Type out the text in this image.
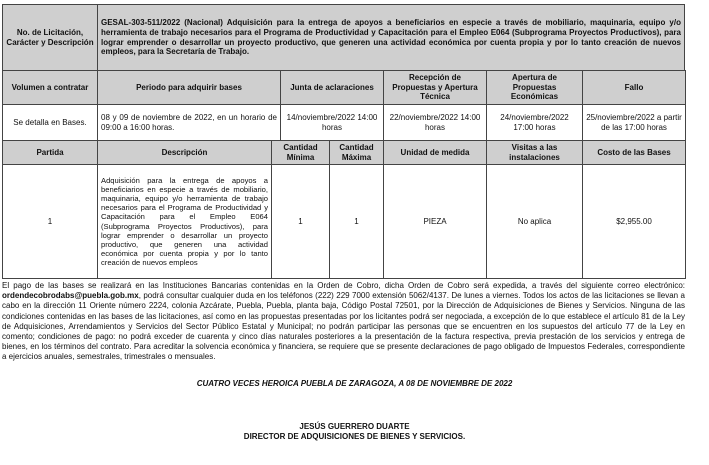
No. de Licitación, Carácter y Descripción	GESAL-303-511/2022 (Nacional) Adquisición para la entrega de apoyos a beneficiarios en especie a través de mobiliario, maquinaria, equipo y/o herramienta de trabajo necesarios para el Programa de Productividad y Capacitación para el Empleo E064 (Subprograma Proyectos Productivos), para lograr emprender o desarrollar un proyecto productivo, que generen una actividad económica por cuenta propia y por lo tanto creación de nuevos empleos, para la Secretaría de Trabajo.
Volumen a contratar	Periodo para adquirir bases	Junta de aclaraciones	Recepción de Propuestas y Apertura Técnica	Apertura de Propuestas Económicas	Fallo
Se detalla en Bases.	08 y 09 de noviembre de 2022, en un horario de 09:00 a 16:00 horas.	14/noviembre/2022 14:00 horas	22/noviembre/2022 14:00 horas	24/noviembre/2022 17:00 horas	25/noviembre/2022 a partir de las 17:00 horas
Partida	Descripción	Cantidad Mínima	Cantidad Máxima	Unidad de medida	Visitas a las instalaciones	Costo de las Bases
1	Adquisición para la entrega de apoyos a beneficiarios en especie a través de mobiliario, maquinaria, equipo y/o herramienta de trabajo necesarios para el Programa de Productividad y Capacitación para el Empleo E064 (Subprograma Proyectos Productivos), para lograr emprender o desarrollar un proyecto productivo, que generen una actividad económica por cuenta propia y por lo tanto creación de nuevos empleos	1	1	PIEZA	No aplica	$2,955.00

El pago de las bases se realizará en las Instituciones Bancarias contenidas en la Orden de Cobro, dicha Orden de Cobro será expedida, a través del siguiente correo electrónico: ordendecobrodabs@puebla.gob.mx, podrá consultar cualquier duda en los teléfonos (222) 229 7000 extensión 5062/4137. De lunes a viernes. Todos los actos de las licitaciones se llevan a cabo en la dirección 11 Oriente número 2224, colonia Azcárate, Puebla, Puebla, planta baja, Código Postal 72501, por la Dirección de Adquisiciones de Bienes y Servicios. Ninguna de las condiciones contenidas en las bases de las licitaciones, así como en las propuestas presentadas por los licitantes podrá ser negociada, a excepción de lo que establece el artículo 81 de la Ley de Adquisiciones, Arrendamientos y Servicios del Sector Público Estatal y Municipal; no podrán participar las personas que se encuentren en los supuestos del artículo 77 de la Ley en comento; condiciones de pago: no podrá exceder de cuarenta y cinco días naturales posteriores a la presentación de la factura respectiva, previa prestación de los servicios y entrega de bienes, en los términos del contrato. Para acreditar la solvencia económica y financiera, se requiere que se presente declaraciones de pago obligado de Impuestos Federales, correspondiente a ejercicios anuales, semestrales, trimestrales o mensuales.

CUATRO VECES HEROICA PUEBLA DE ZARAGOZA, A 08 DE NOVIEMBRE DE 2022
JESÚS GUERRERO DUARTE
DIRECTOR DE ADQUISICIONES DE BIENES Y SERVICIOS.
